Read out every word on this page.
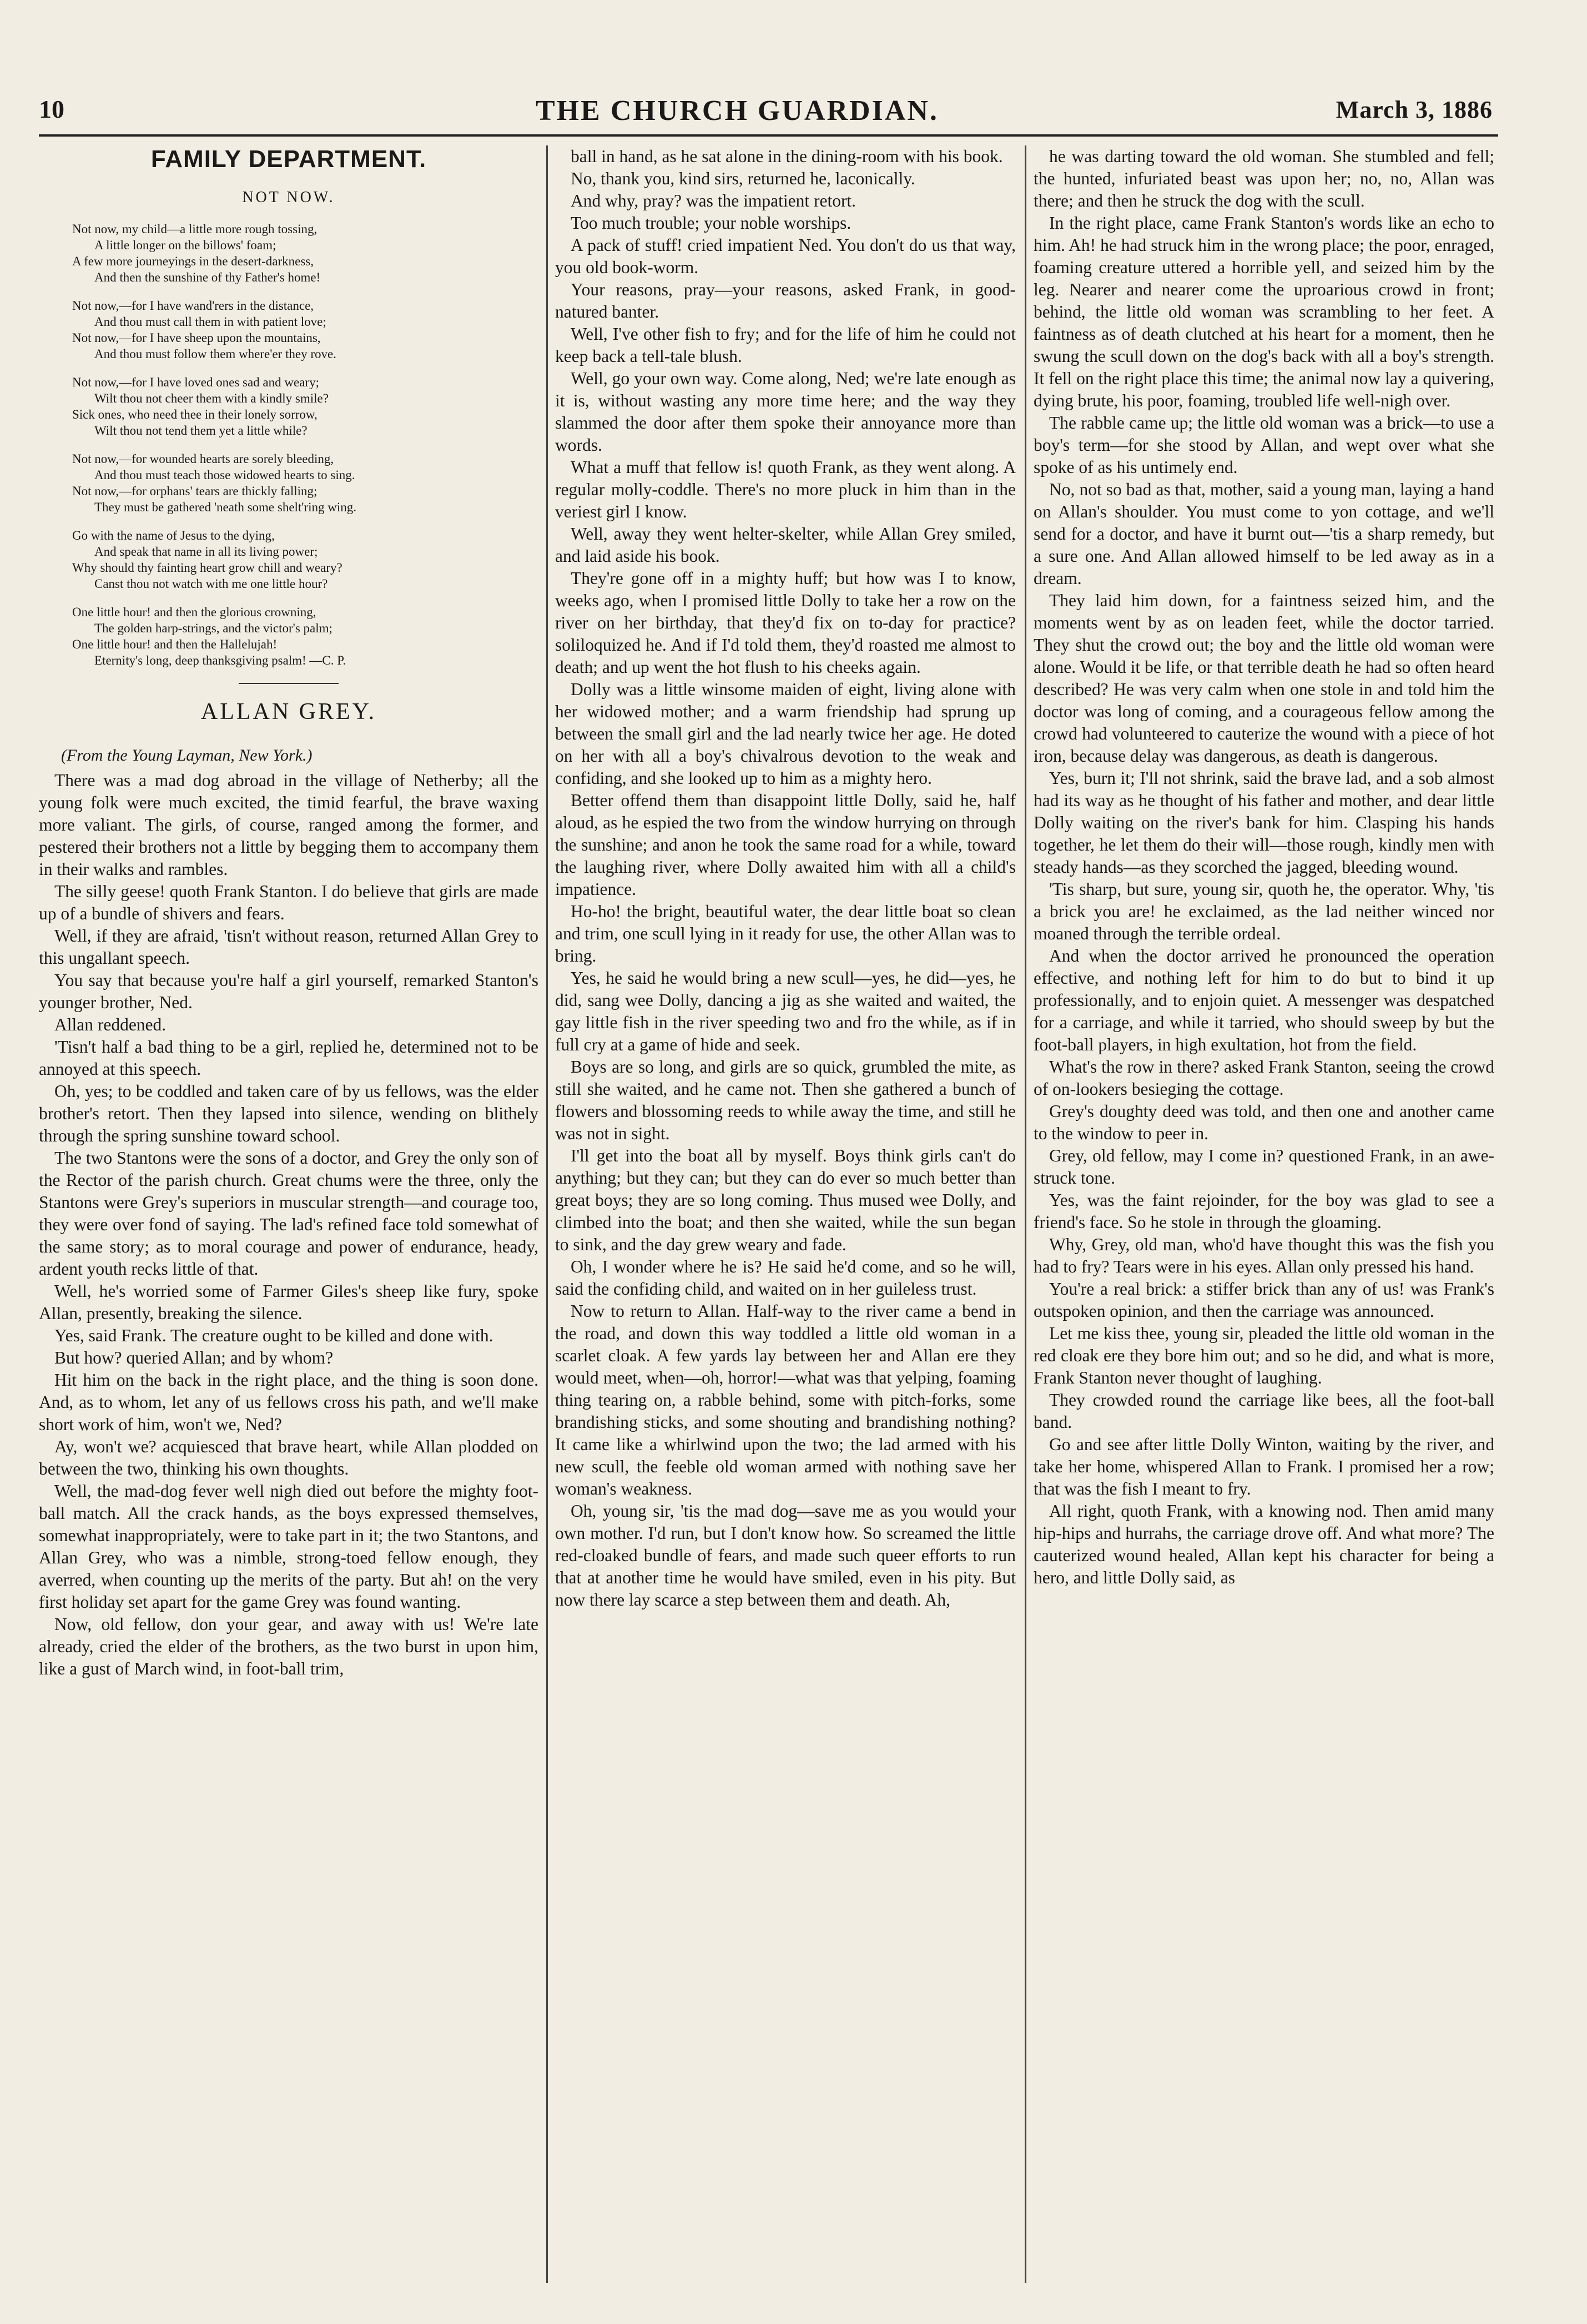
10	THE CHURCH GUARDIAN.	March 3, 1886
FAMILY DEPARTMENT.
NOT NOW.
Not now, my child—a little more rough tossing,
A little longer on the billows' foam;
A few more journeyings in the desert-darkness,
And then the sunshine of thy Father's home!
Not now,—for I have wand'rers in the distance,
And thou must call them in with patient love;
Not now,—for I have sheep upon the mountains,
And thou must follow them where'er they rove.
Not now,—for I have loved ones sad and weary;
Wilt thou not cheer them with a kindly smile?
Sick ones, who need thee in their lonely sorrow,
Wilt thou not tend them yet a little while?
Not now,—for wounded hearts are sorely bleeding,
And thou must teach those widowed hearts to sing.
Not now,—for orphans' tears are thickly falling;
They must be gathered 'neath some shelt'ring wing.
Go with the name of Jesus to the dying,
And speak that name in all its living power;
Why should thy fainting heart grow chill and weary?
Canst thou not watch with me one little hour?
One little hour! and then the glorious crowning,
The golden harp-strings, and the victor's palm;
One little hour! and then the Hallelujah!
Eternity's long, deep thanksgiving psalm! —C. P.
ALLAN GREY.
(From the Young Layman, New York.)

There was a mad dog abroad in the village of Netherby; all the young folk were much excited, the timid fearful, the brave waxing more valiant. The girls, of course, ranged among the former, and pestered their brothers not a little by begging them to accompany them in their walks and rambles.

The silly geese! quoth Frank Stanton. I do believe that girls are made up of a bundle of shivers and fears.

Well, if they are afraid, 'tisn't without reason, returned Allan Grey to this ungallant speech.

You say that because you're half a girl yourself, remarked Stanton's younger brother, Ned.

Allan reddened.

'Tisn't half a bad thing to be a girl, replied he, determined not to be annoyed at this speech.

Oh, yes; to be coddled and taken care of by us fellows, was the elder brother's retort. Then they lapsed into silence, wending on blithely through the spring sunshine toward school.

The two Stantons were the sons of a doctor, and Grey the only son of the Rector of the parish church. Great chums were the three, only the Stantons were Grey's superiors in muscular strength—and courage too, they were over fond of saying. The lad's refined face told somewhat of the same story; as to moral courage and power of endurance, heady, ardent youth recks little of that.

Well, he's worried some of Farmer Giles's sheep like fury, spoke Allan, presently, breaking the silence.

Yes, said Frank. The creature ought to be killed and done with.

But how? queried Allan; and by whom?

Hit him on the back in the right place, and the thing is soon done. And, as to whom, let any of us fellows cross his path, and we'll make short work of him, won't we, Ned?

Ay, won't we? acquiesced that brave heart, while Allan plodded on between the two, thinking his own thoughts.

Well, the mad-dog fever well nigh died out before the mighty foot-ball match. All the crack hands, as the boys expressed themselves, somewhat inappropriately, were to take part in it; the two Stantons, and Allan Grey, who was a nimble, strong-toed fellow enough, they averred, when counting up the merits of the party. But ah! on the very first holiday set apart for the game Grey was found wanting.

Now, old fellow, don your gear, and away with us! We're late already, cried the elder of the brothers, as the two burst in upon him, like a gust of March wind, in foot-ball trim,

ball in hand, as he sat alone in the dining-room with his book.

No, thank you, kind sirs, returned he, laconically.

And why, pray? was the impatient retort.

Too much trouble; your noble worships.

A pack of stuff! cried impatient Ned. You don't do us that way, you old book-worm.

Your reasons, pray—your reasons, asked Frank, in good-natured banter.

Well, I've other fish to fry; and for the life of him he could not keep back a tell-tale blush.

Well, go your own way. Come along, Ned; we're late enough as it is, without wasting any more time here; and the way they slammed the door after them spoke their annoyance more than words.

What a muff that fellow is! quoth Frank, as they went along. A regular molly-coddle. There's no more pluck in him than in the veriest girl I know.

Well, away they went helter-skelter, while Allan Grey smiled, and laid aside his book.

They're gone off in a mighty huff; but how was I to know, weeks ago, when I promised little Dolly to take her a row on the river on her birthday, that they'd fix on to-day for practice? soliloquized he. And if I'd told them, they'd roasted me almost to death; and up went the hot flush to his cheeks again.

Dolly was a little winsome maiden of eight, living alone with her widowed mother; and a warm friendship had sprung up between the small girl and the lad nearly twice her age. He doted on her with all a boy's chivalrous devotion to the weak and confiding, and she looked up to him as a mighty hero.

Better offend them than disappoint little Dolly, said he, half aloud, as he espied the two from the window hurrying on through the sunshine; and anon he took the same road for a while, toward the laughing river, where Dolly awaited him with all a child's impatience.

Ho-ho! the bright, beautiful water, the dear little boat so clean and trim, one scull lying in it ready for use, the other Allan was to bring.

Yes, he said he would bring a new scull—yes, he did—yes, he did, sang wee Dolly, dancing a jig as she waited and waited, the gay little fish in the river speeding two and fro the while, as if in full cry at a game of hide and seek.

Boys are so long, and girls are so quick, grumbled the mite, as still she waited, and he came not. Then she gathered a bunch of flowers and blossoming reeds to while away the time, and still he was not in sight.

I'll get into the boat all by myself. Boys think girls can't do anything; but they can; but they can do ever so much better than great boys; they are so long coming. Thus mused wee Dolly, and climbed into the boat; and then she waited, while the sun began to sink, and the day grew weary and fade.

Oh, I wonder where he is? He said he'd come, and so he will, said the confiding child, and waited on in her guileless trust.

Now to return to Allan. Half-way to the river came a bend in the road, and down this way toddled a little old woman in a scarlet cloak. A few yards lay between her and Allan ere they would meet, when—oh, horror!—what was that yelping, foaming thing tearing on, a rabble behind, some with pitch-forks, some brandishing sticks, and some shouting and brandishing nothing? It came like a whirlwind upon the two; the lad armed with his new scull, the feeble old woman armed with nothing save her woman's weakness.

Oh, young sir, 'tis the mad dog—save me as you would your own mother. I'd run, but I don't know how. So screamed the little red-cloaked bundle of fears, and made such queer efforts to run that at another time he would have smiled, even in his pity. But now there lay scarce a step between them and death. Ah,

he was darting toward the old woman. She stumbled and fell; the hunted, infuriated beast was upon her; no, no, Allan was there; and then he struck the dog with the scull.

In the right place, came Frank Stanton's words like an echo to him. Ah! he had struck him in the wrong place; the poor, enraged, foaming creature uttered a horrible yell, and seized him by the leg. Nearer and nearer come the uproarious crowd in front; behind, the little old woman was scrambling to her feet. A faintness as of death clutched at his heart for a moment, then he swung the scull down on the dog's back with all a boy's strength. It fell on the right place this time; the animal now lay a quivering, dying brute, his poor, foaming, troubled life well-nigh over.

The rabble came up; the little old woman was a brick—to use a boy's term—for she stood by Allan, and wept over what she spoke of as his untimely end.

No, not so bad as that, mother, said a young man, laying a hand on Allan's shoulder. You must come to yon cottage, and we'll send for a doctor, and have it burnt out—'tis a sharp remedy, but a sure one. And Allan allowed himself to be led away as in a dream.

They laid him down, for a faintness seized him, and the moments went by as on leaden feet, while the doctor tarried. They shut the crowd out; the boy and the little old woman were alone. Would it be life, or that terrible death he had so often heard described? He was very calm when one stole in and told him the doctor was long of coming, and a courageous fellow among the crowd had volunteered to cauterize the wound with a piece of hot iron, because delay was dangerous, as death is dangerous.

Yes, burn it; I'll not shrink, said the brave lad, and a sob almost had its way as he thought of his father and mother, and dear little Dolly waiting on the river's bank for him. Clasping his hands together, he let them do their will—those rough, kindly men with steady hands—as they scorched the jagged, bleeding wound.

'Tis sharp, but sure, young sir, quoth he, the operator. Why, 'tis a brick you are! he exclaimed, as the lad neither winced nor moaned through the terrible ordeal.

And when the doctor arrived he pronounced the operation effective, and nothing left for him to do but to bind it up professionally, and to enjoin quiet. A messenger was despatched for a carriage, and while it tarried, who should sweep by but the foot-ball players, in high exultation, hot from the field.

What's the row in there? asked Frank Stanton, seeing the crowd of on-lookers besieging the cottage.

Grey's doughty deed was told, and then one and another came to the window to peer in.

Grey, old fellow, may I come in? questioned Frank, in an awe-struck tone.

Yes, was the faint rejoinder, for the boy was glad to see a friend's face. So he stole in through the gloaming.

Why, Grey, old man, who'd have thought this was the fish you had to fry? Tears were in his eyes. Allan only pressed his hand.

You're a real brick: a stiffer brick than any of us! was Frank's outspoken opinion, and then the carriage was announced.

Let me kiss thee, young sir, pleaded the little old woman in the red cloak ere they bore him out; and so he did, and what is more, Frank Stanton never thought of laughing.

They crowded round the carriage like bees, all the foot-ball band.

Go and see after little Dolly Winton, waiting by the river, and take her home, whispered Allan to Frank. I promised her a row; that was the fish I meant to fry.

All right, quoth Frank, with a knowing nod. Then amid many hip-hips and hurrahs, the carriage drove off. And what more? The cauterized wound healed, Allan kept his character for being a hero, and little Dolly said, as
